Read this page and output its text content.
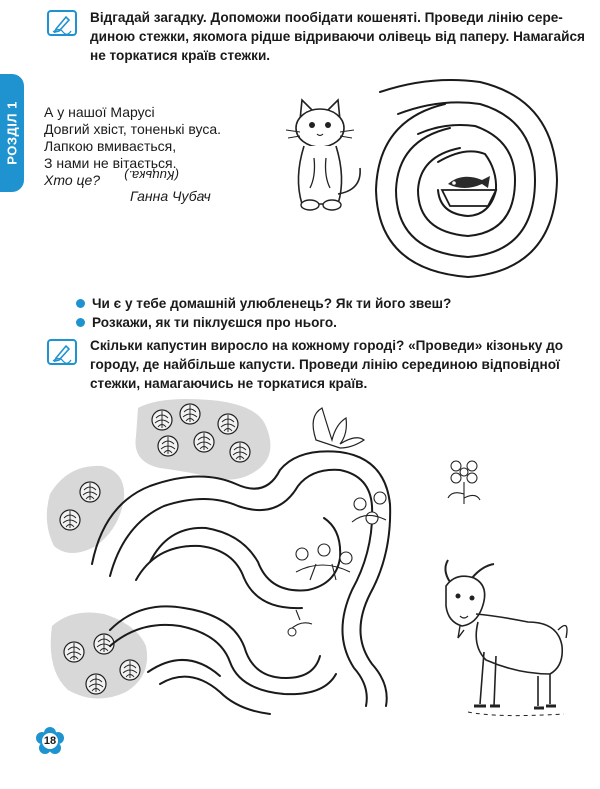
РОЗДІЛ 1
Відгадай загадку. Допоможи пообідати кошеняті. Проведи лінію сере-
диною стежки, якомога рідше відриваючи олівець від паперу. Намагайся
не торкатися країв стежки.
А у нашої Марусі
Довгий хвіст, тоненькі вуса.
Лапкою вмивається,
З нами не вітається.
Хто це?	(Кицька.)
Ганна Чубач
Чи є у тебе домашній улюбленець? Як ти його звеш?
Розкажи, як ти піклуєшся про нього.
Скільки капустин виросло на кожному городі? «Проведи» кізоньку до
городу, де найбільше капусти. Проведи лінію серединою відповідної
стежки, намагаючись не торкатися країв.
18
